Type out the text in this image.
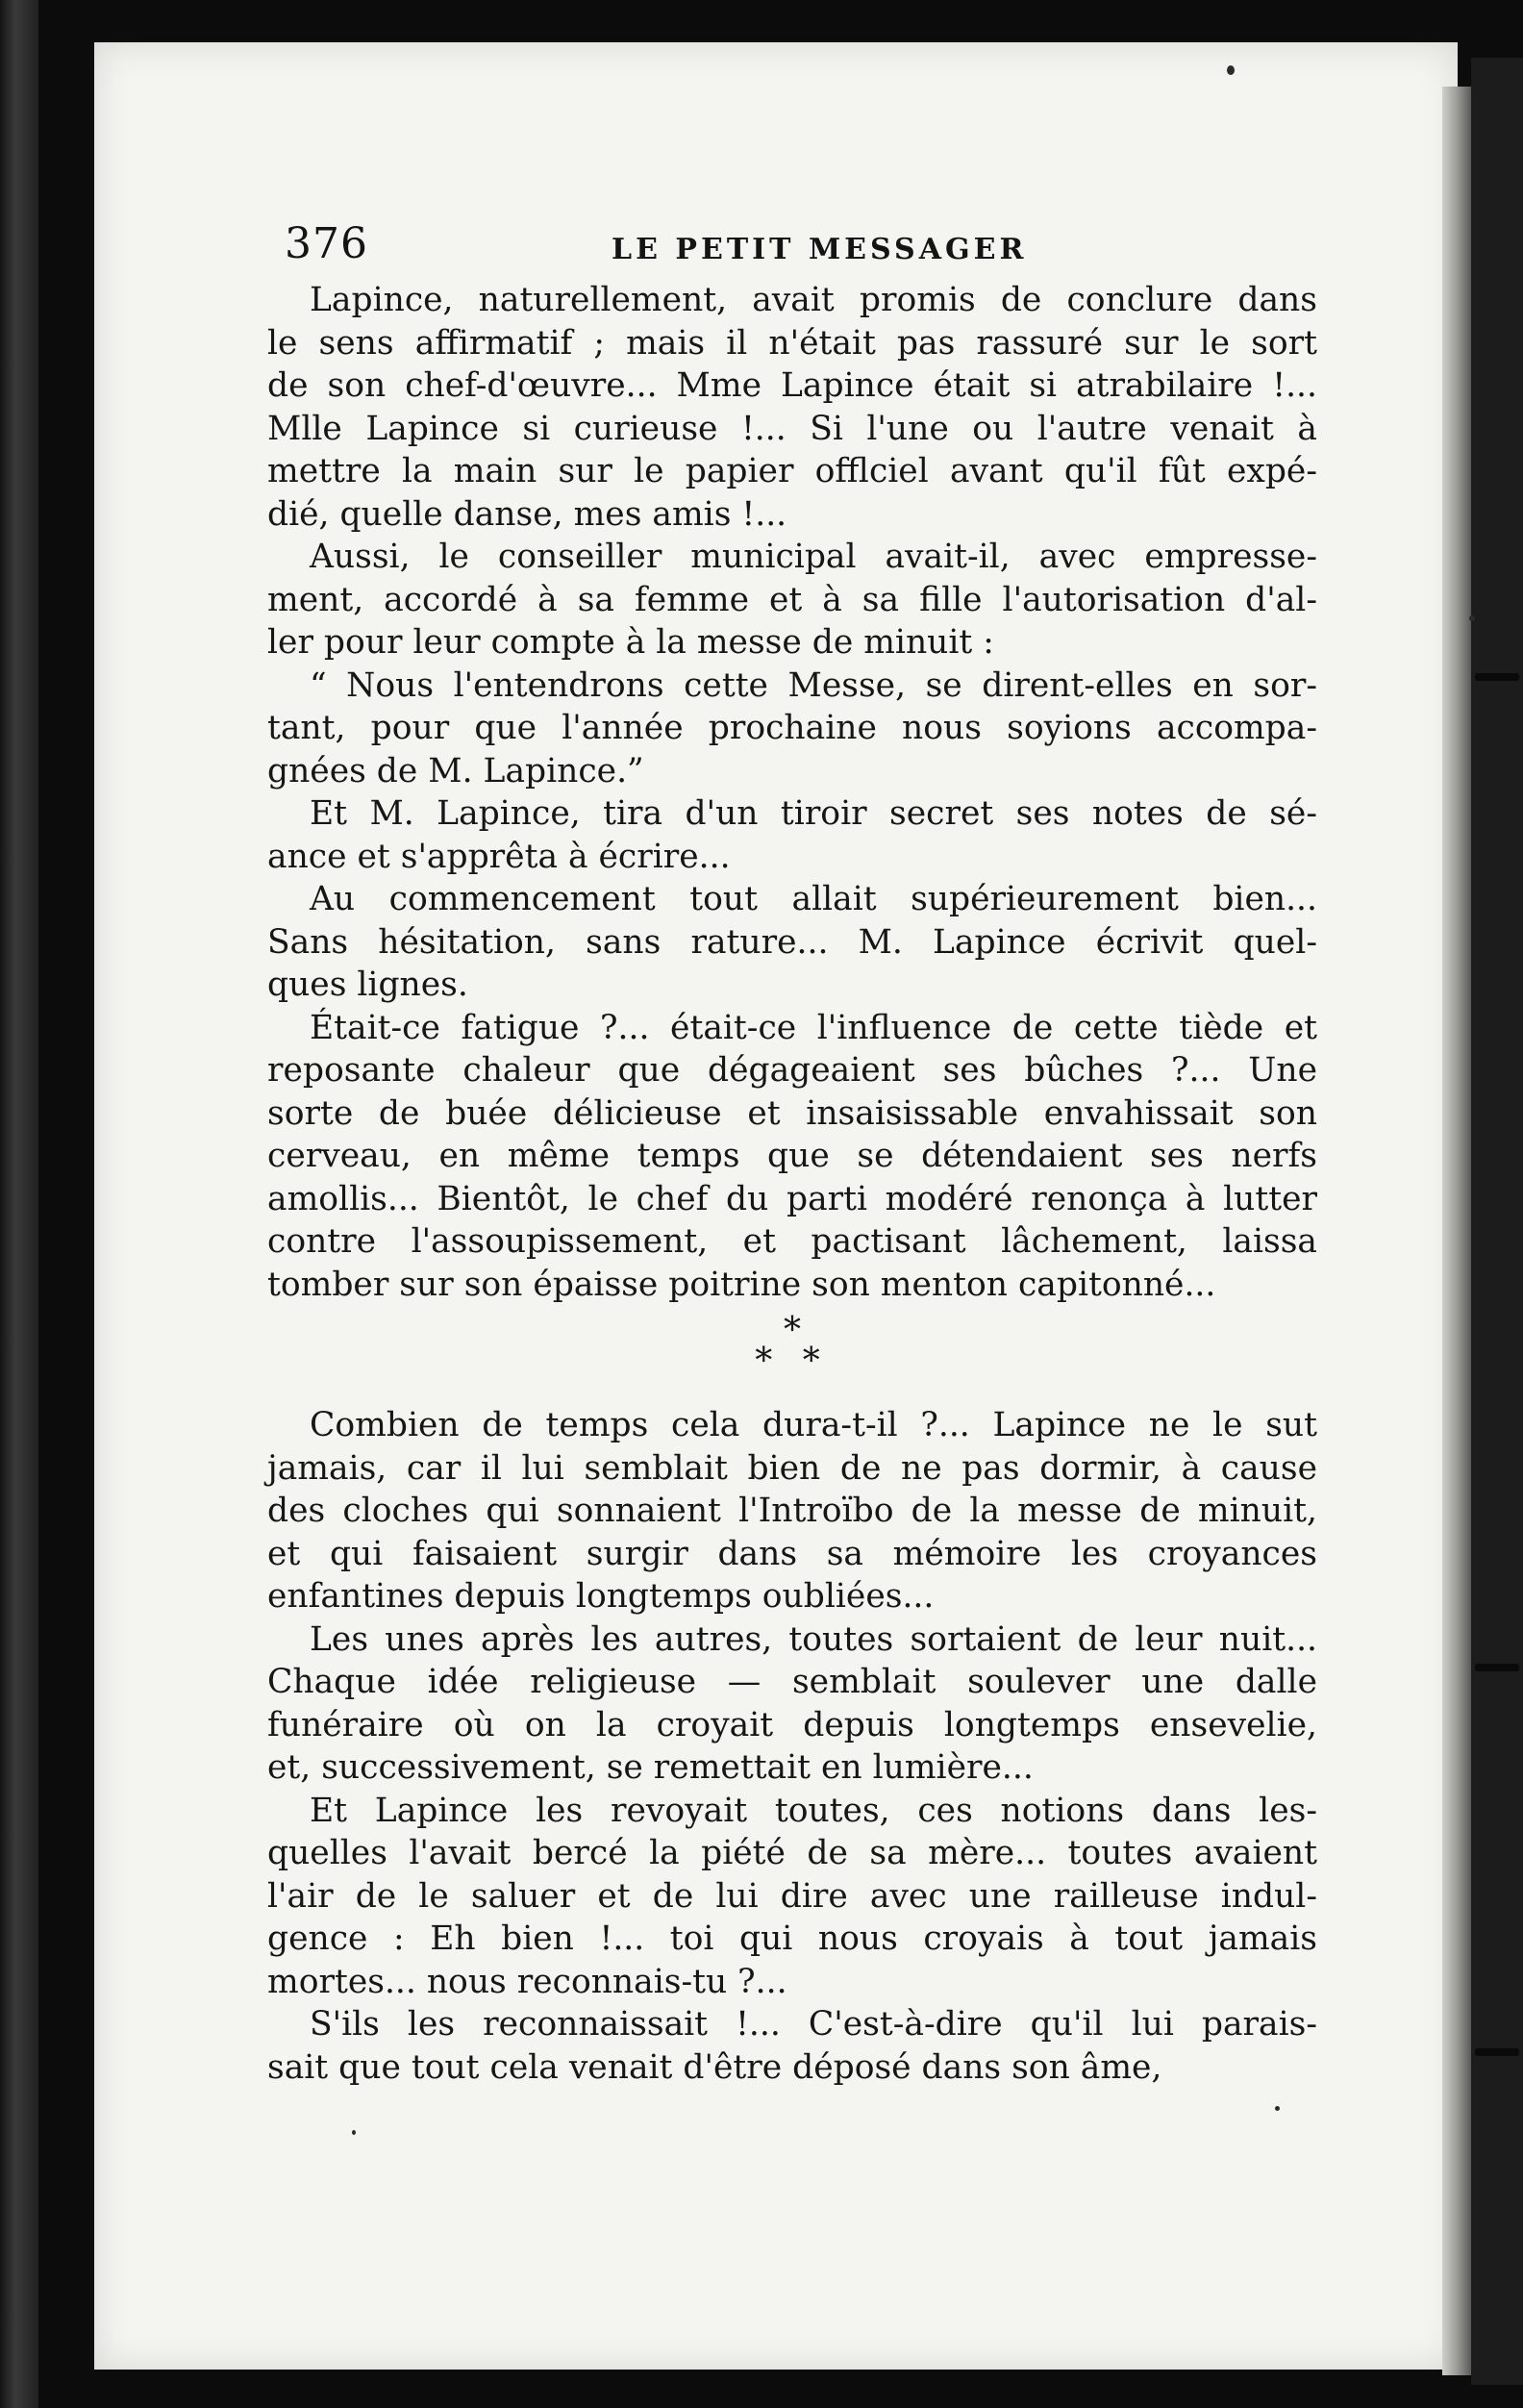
376	LE PETIT MESSAGER
Lapince, naturellement, avait promis de conclure dans
le sens affirmatif ; mais il n'était pas rassuré sur le sort
de son chef-d'œuvre... Mme Lapince était si atrabilaire !...
Mlle Lapince si curieuse !... Si l'une ou l'autre venait à
mettre la main sur le papier offlciel avant qu'il fût expé-
dié, quelle danse, mes amis !...
Aussi, le conseiller municipal avait-il, avec empresse-
ment, accordé à sa femme et à sa fille l'autorisation d'al-
ler pour leur compte à la messe de minuit :
“ Nous l'entendrons cette Messe, se dirent-elles en sor-
tant, pour que l'année prochaine nous soyions accompa-
gnées de M. Lapince.”
Et M. Lapince, tira d'un tiroir secret ses notes de sé-
ance et s'apprêta à écrire...
Au commencement tout allait supérieurement bien...
Sans hésitation, sans rature... M. Lapince écrivit quel-
ques lignes.
Était-ce fatigue ?... était-ce l'influence de cette tiède et
reposante chaleur que dégageaient ses bûches ?... Une
sorte de buée délicieuse et insaisissable envahissait son
cerveau, en même temps que se détendaient ses nerfs
amollis... Bientôt, le chef du parti modéré renonça à lutter
contre l'assoupissement, et pactisant lâchement, laissa
tomber sur son épaisse poitrine son menton capitonné...
*
* *
Combien de temps cela dura-t-il ?... Lapince ne le sut
jamais, car il lui semblait bien de ne pas dormir, à cause
des cloches qui sonnaient l'Introïbo de la messe de minuit,
et qui faisaient surgir dans sa mémoire les croyances
enfantines depuis longtemps oubliées...
Les unes après les autres, toutes sortaient de leur nuit...
Chaque idée religieuse — semblait soulever une dalle
funéraire où on la croyait depuis longtemps ensevelie,
et, successivement, se remettait en lumière...
Et Lapince les revoyait toutes, ces notions dans les-
quelles l'avait bercé la piété de sa mère... toutes avaient
l'air de le saluer et de lui dire avec une railleuse indul-
gence : Eh bien !... toi qui nous croyais à tout jamais
mortes... nous reconnais-tu ?...
S'ils les reconnaissait !... C'est-à-dire qu'il lui parais-
sait que tout cela venait d'être déposé dans son âme,
